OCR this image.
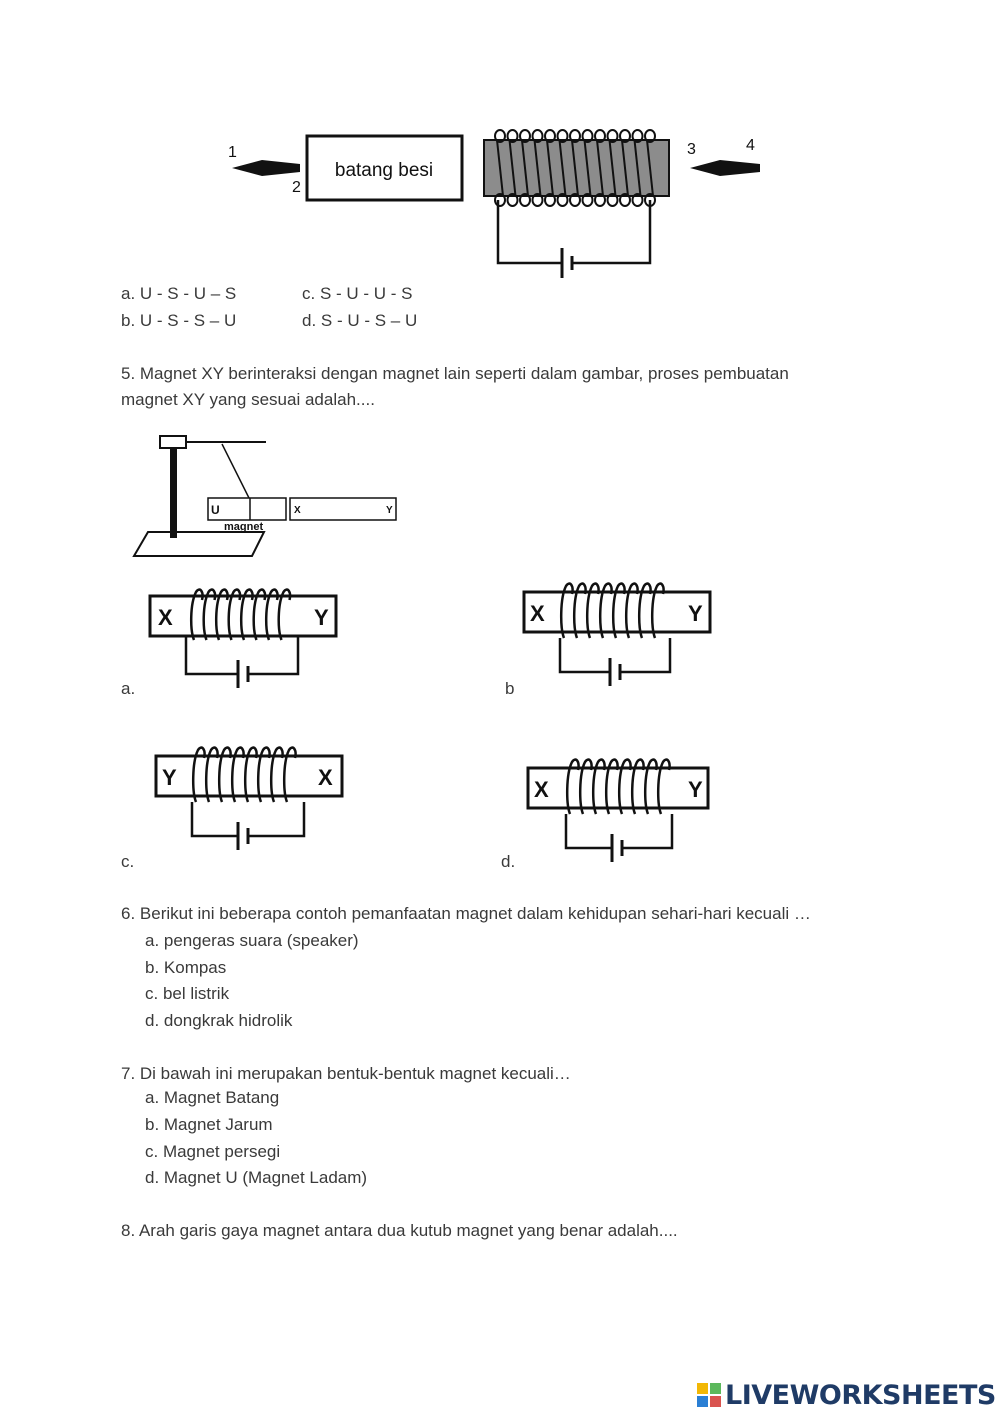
1
2
batang besi
3	4
a. U - S - U – S
b. U - S - S – U
c. S - U - U - S
d. S - U - S – U
5. Magnet XY berinteraksi dengan magnet lain seperti dalam gambar, proses pembuatan
magnet XY yang sesuai adalah....
U
magnet
X	Y
X	Y
a.
X	Y
b
Y	X
c.
X	Y
d.
6. Berikut ini beberapa contoh pemanfaatan magnet dalam kehidupan sehari-hari kecuali …
a. pengeras suara (speaker)
b. Kompas
c. bel listrik
d. dongkrak hidrolik
7. Di bawah ini merupakan bentuk-bentuk magnet kecuali…
a. Magnet Batang
b. Magnet Jarum
c. Magnet persegi
d. Magnet U (Magnet Ladam)
8. Arah garis gaya magnet antara dua kutub magnet yang benar adalah....
LIVEWORKSHEETS
